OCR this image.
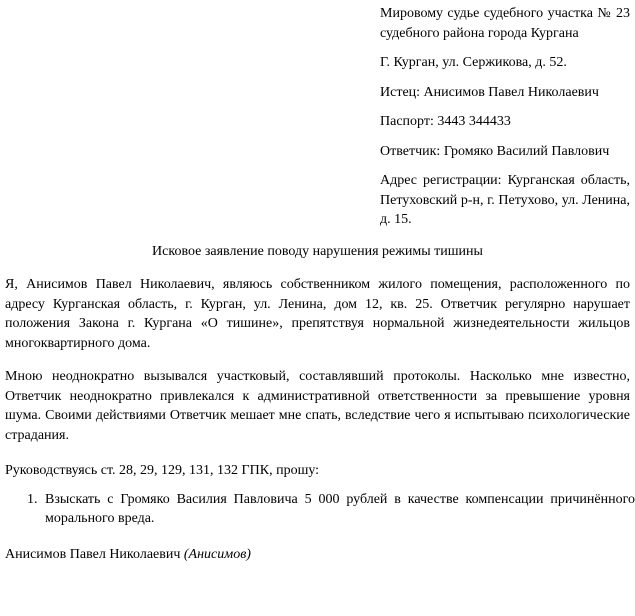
Мировому судье судебного участка № 23 судебного района города Кургана

Г. Курган, ул. Сержикова, д. 52.

Истец: Анисимов Павел Николаевич

Паспорт: 3443 344433

Ответчик: Громяко Василий Павлович

Адрес регистрации: Курганская область, Петуховский р-н, г. Петухово, ул. Ленина, д. 15.

Исковое заявление поводу нарушения режимы тишины

Я, Анисимов Павел Николаевич, являюсь собственником жилого помещения, расположенного по адресу Курганская область, г. Курган, ул. Ленина, дом 12, кв. 25. Ответчик регулярно нарушает положения Закона г. Кургана «О тишине», препятствуя нормальной жизнедеятельности жильцов многоквартирного дома.

Мною неоднократно вызывался участковый, составлявший протоколы. Насколько мне известно, Ответчик неоднократно привлекался к административной ответственности за превышение уровня шума. Своими действиями Ответчик мешает мне спать, вследствие чего я испытываю психологические страдания.

Руководствуясь ст. 28, 29, 129, 131, 132 ГПК, прошу:

1. Взыскать с Громяко Василия Павловича 5 000 рублей в качестве компенсации причинённого морального вреда.
Анисимов Павел Николаевич (Анисимов)
